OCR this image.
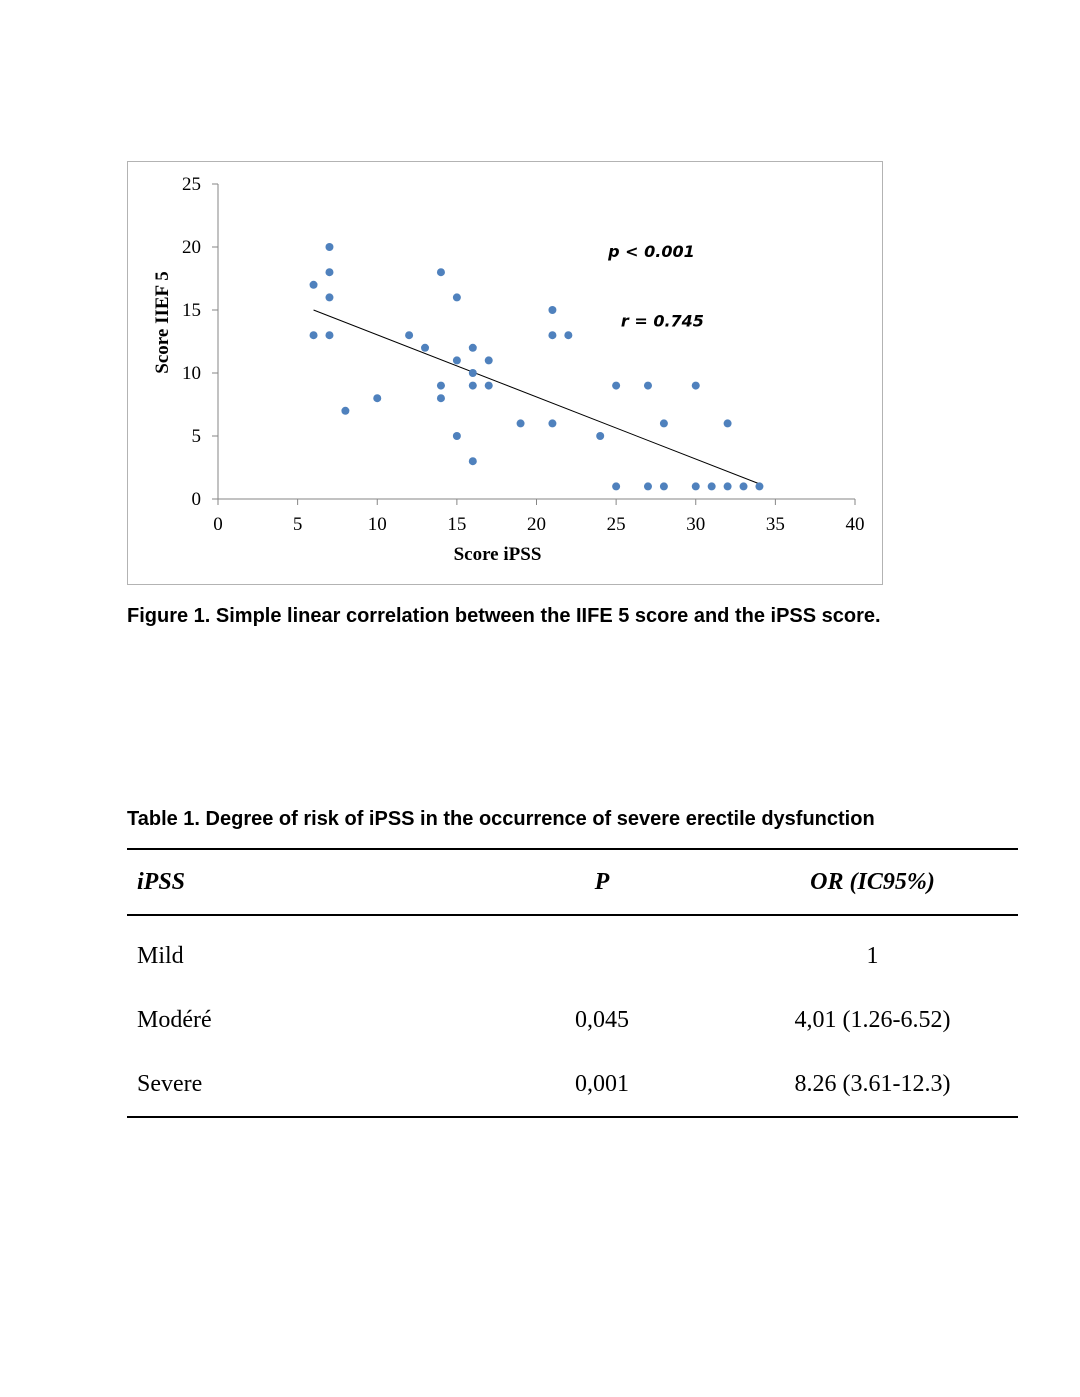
0	5	10	15	20	25	30	35	40
0
5
10
15
20
25
Score iPSS
Score IIEF 5
p < 0.001
r = 0.745
Figure 1. Simple linear correlation between the IIFE 5 score and the iPSS score.
Table 1. Degree of risk of iPSS in the occurrence of severe erectile dysfunction
iPSS	P	OR (IC95%)
Mild		1
Modéré	0,045	4,01 (1.26-6.52)
Severe	0,001	8.26 (3.61-12.3)
